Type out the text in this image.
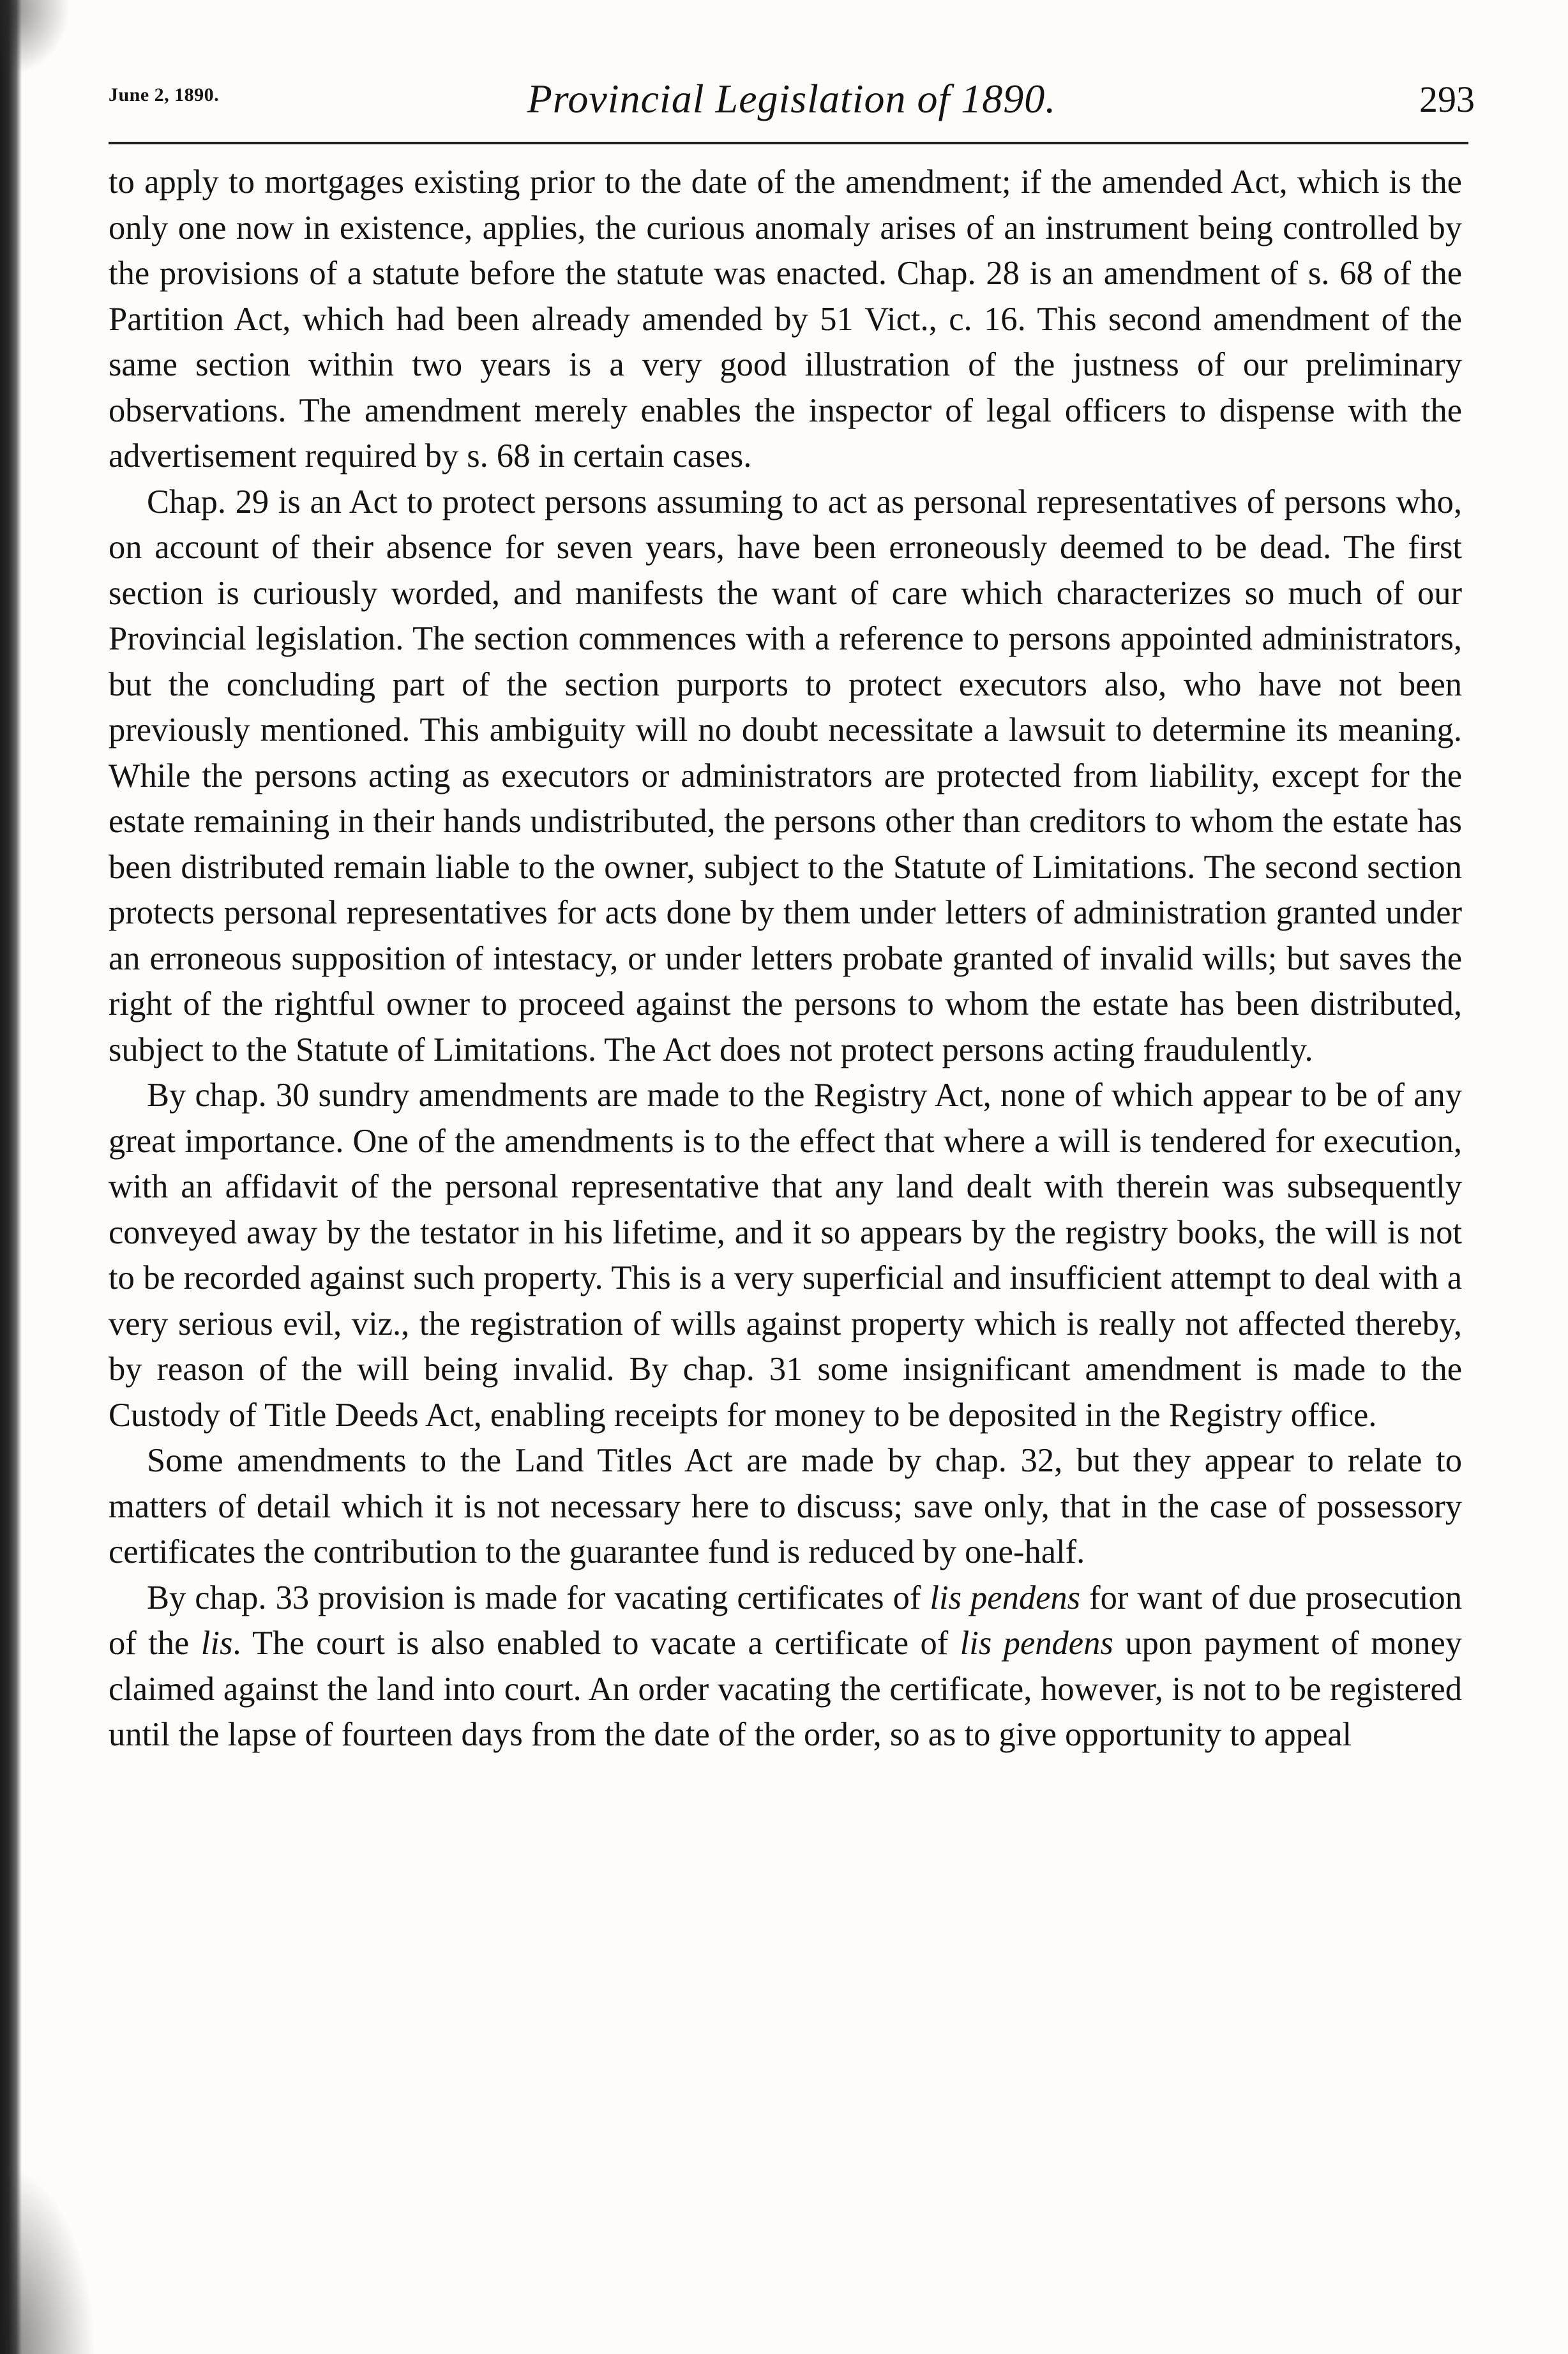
June 2, 1890.	Provincial Legislation of 1890.	293

to apply to mortgages existing prior to the date of the amendment; if the amended Act, which is the only one now in existence, applies, the curious anomaly arises of an instrument being controlled by the provisions of a statute before the statute was enacted. Chap. 28 is an amendment of s. 68 of the Partition Act, which had been already amended by 51 Vict., c. 16. This second amendment of the same section within two years is a very good illustration of the justness of our preliminary observations. The amendment merely enables the inspector of legal officers to dispense with the advertisement required by s. 68 in certain cases.

Chap. 29 is an Act to protect persons assuming to act as personal representatives of persons who, on account of their absence for seven years, have been erroneously deemed to be dead. The first section is curiously worded, and manifests the want of care which characterizes so much of our Provincial legislation. The section commences with a reference to persons appointed administrators, but the concluding part of the section purports to protect executors also, who have not been previously mentioned. This ambiguity will no doubt necessitate a lawsuit to determine its meaning. While the persons acting as executors or administrators are protected from liability, except for the estate remaining in their hands undistributed, the persons other than creditors to whom the estate has been distributed remain liable to the owner, subject to the Statute of Limitations. The second section protects personal representatives for acts done by them under letters of administration granted under an erroneous supposition of intestacy, or under letters probate granted of invalid wills; but saves the right of the rightful owner to proceed against the persons to whom the estate has been distributed, subject to the Statute of Limitations. The Act does not protect persons acting fraudulently.

By chap. 30 sundry amendments are made to the Registry Act, none of which appear to be of any great importance. One of the amendments is to the effect that where a will is tendered for execution, with an affidavit of the personal representative that any land dealt with therein was subsequently conveyed away by the testator in his lifetime, and it so appears by the registry books, the will is not to be recorded against such property. This is a very superficial and insufficient attempt to deal with a very serious evil, viz., the registration of wills against property which is really not affected thereby, by reason of the will being invalid. By chap. 31 some insignificant amendment is made to the Custody of Title Deeds Act, enabling receipts for money to be deposited in the Registry office.

Some amendments to the Land Titles Act are made by chap. 32, but they appear to relate to matters of detail which it is not necessary here to discuss; save only, that in the case of possessory certificates the contribution to the guarantee fund is reduced by one-half.

By chap. 33 provision is made for vacating certificates of lis pendens for want of due prosecution of the lis. The court is also enabled to vacate a certificate of lis pendens upon payment of money claimed against the land into court. An order vacating the certificate, however, is not to be registered until the lapse of fourteen days from the date of the order, so as to give opportunity to appeal
